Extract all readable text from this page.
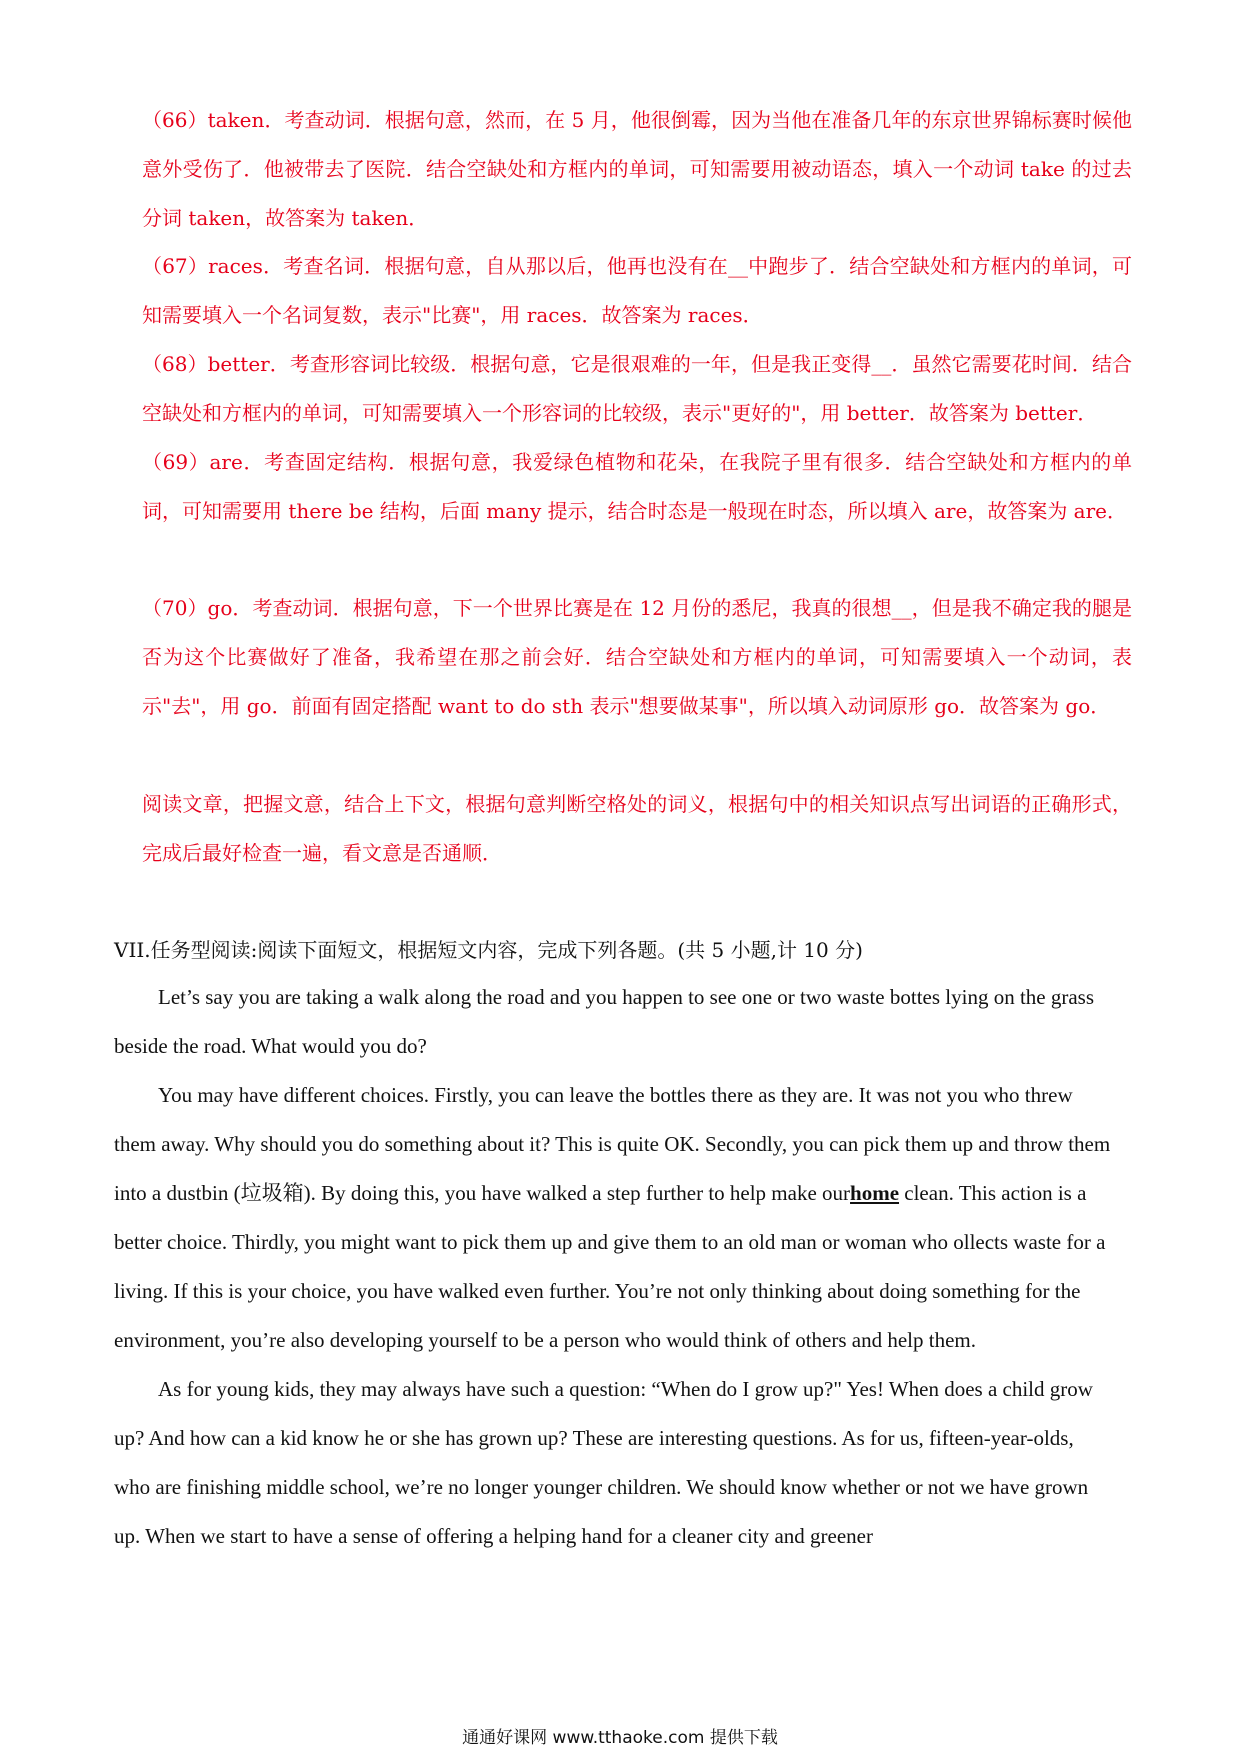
（66）taken．考查动词．根据句意，然而，在 5 月，他很倒霉，因为当他在准备几年的东京世界锦标赛时候他意外受伤了．他被带去了医院．结合空缺处和方框内的单词，可知需要用被动语态，填入一个动词 take 的过去分词 taken，故答案为 taken．
（67）races．考查名词．根据句意，自从那以后，他再也没有在__中跑步了．结合空缺处和方框内的单词，可知需要填入一个名词复数，表示"比赛"，用 races．故答案为 races．
（68）better．考查形容词比较级．根据句意，它是很艰难的一年，但是我正变得__．虽然它需要花时间．结合空缺处和方框内的单词，可知需要填入一个形容词的比较级，表示"更好的"，用 better．故答案为 better．
（69）are．考查固定结构．根据句意，我爱绿色植物和花朵，在我院子里有很多．结合空缺处和方框内的单词，可知需要用 there be 结构，后面 many 提示，结合时态是一般现在时态，所以填入 are，故答案为 are．
（70）go．考查动词．根据句意，下一个世界比赛是在 12 月份的悉尼，我真的很想__，但是我不确定我的腿是否为这个比赛做好了准备，我希望在那之前会好．结合空缺处和方框内的单词，可知需要填入一个动词，表示"去"，用 go．前面有固定搭配 want to do sth 表示"想要做某事"，所以填入动词原形 go．故答案为 go．
阅读文章，把握文意，结合上下文，根据句意判断空格处的词义，根据句中的相关知识点写出词语的正确形式，完成后最好检查一遍，看文意是否通顺．
VII.任务型阅读:阅读下面短文，根据短文内容，完成下列各题。(共 5 小题,计 10 分)

Let’s say you are taking a walk along the road and you happen to see one or two waste bottes lying on the grass beside the road. What would you do?

You may have different choices. Firstly, you can leave the bottles there as they are. It was not you who threw them away. Why should you do something about it? This is quite OK. Secondly, you can pick them up and throw them into a dustbin (垃圾箱). By doing this, you have walked a step further to help make ourhome clean. This action is a better choice. Thirdly, you might want to pick them up and give them to an old man or woman who ollects waste for a living. If this is your choice, you have walked even further. You’re not only thinking about doing something for the environment, you’re also developing yourself to be a person who would think of others and help them.

As for young kids, they may always have such a question: “When do I grow up?" Yes! When does a child grow up? And how can a kid know he or she has grown up? These are interesting questions. As for us, fifteen-year-olds, who are finishing middle school, we’re no longer younger children. We should know whether or not we have grown up. When we start to have a sense of offering a helping hand for a cleaner city and greener

通通好课网 www.tthaoke.com 提供下载
